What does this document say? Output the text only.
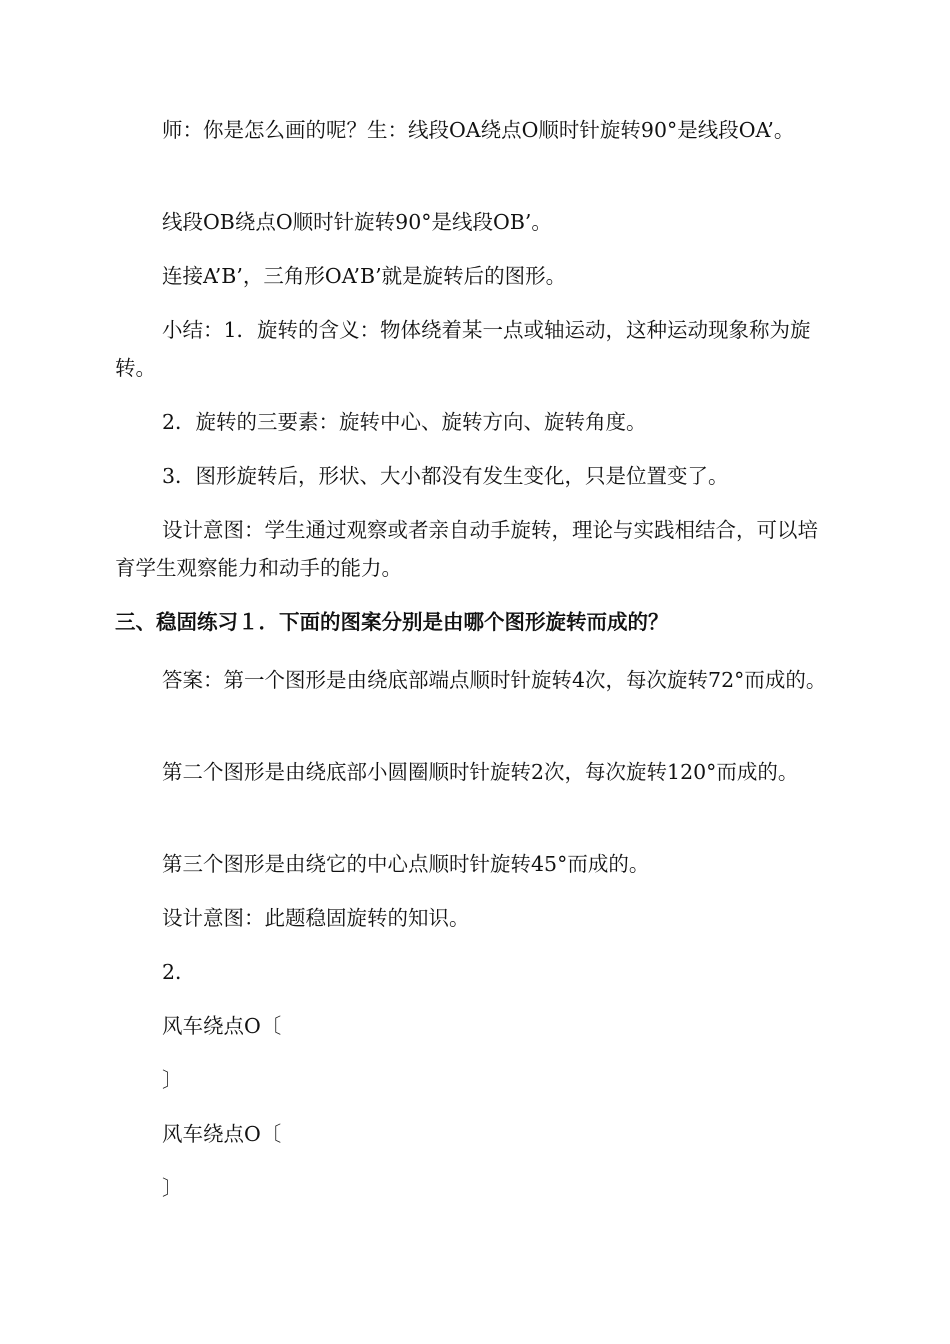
师：你是怎么画的呢？生：线段OA绕点O顺时针旋转90°是线段OA’。

线段OB绕点O顺时针旋转90°是线段OB’。

连接A’B’，三角形OA’B’就是旋转后的图形。

小结：1．旋转的含义：物体绕着某一点或轴运动，这种运动现象称为旋转。

2．旋转的三要素：旋转中心、旋转方向、旋转角度。

3．图形旋转后，形状、大小都没有发生变化，只是位置变了。

设计意图：学生通过观察或者亲自动手旋转，理论与实践相结合，可以培育学生观察能力和动手的能力。

三、稳固练习１．下面的图案分别是由哪个图形旋转而成的？

答案：第一个图形是由绕底部端点顺时针旋转4次，每次旋转72°而成的。

第二个图形是由绕底部小圆圈顺时针旋转2次，每次旋转120°而成的。

第三个图形是由绕它的中心点顺时针旋转45°而成的。

设计意图：此题稳固旋转的知识。

2．

风车绕点O〔

〕

风车绕点O〔

〕
